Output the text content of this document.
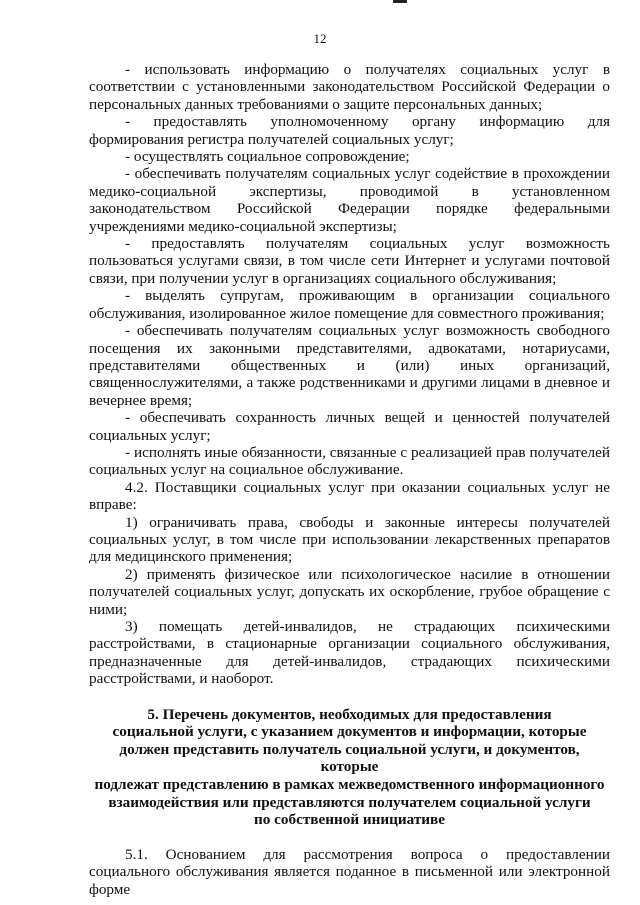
12

- использовать информацию о получателях социальных услуг в соответствии с установленными законодательством Российской Федерации о персональных данных требованиями о защите персональных данных;

- предоставлять уполномоченному органу информацию для формирования регистра получателей социальных услуг;

- осуществлять социальное сопровождение;

- обеспечивать получателям социальных услуг содействие в прохождении медико-социальной экспертизы, проводимой в установленном законодательством Российской Федерации порядке федеральными учреждениями медико-социальной экспертизы;

- предоставлять получателям социальных услуг возможность пользоваться услугами связи, в том числе сети Интернет и услугами почтовой связи, при получении услуг в организациях социального обслуживания;

- выделять супругам, проживающим в организации социального обслуживания, изолированное жилое помещение для совместного проживания;

- обеспечивать получателям социальных услуг возможность свободного посещения их законными представителями, адвокатами, нотариусами, представителями общественных и (или) иных организаций, священнослужителями, а также родственниками и другими лицами в дневное и вечернее время;

- обеспечивать сохранность личных вещей и ценностей получателей социальных услуг;

- исполнять иные обязанности, связанные с реализацией прав получателей социальных услуг на социальное обслуживание.

4.2. Поставщики социальных услуг при оказании социальных услуг не вправе:

1) ограничивать права, свободы и законные интересы получателей социальных услуг, в том числе при использовании лекарственных препаратов для медицинского применения;

2) применять физическое или психологическое насилие в отношении получателей социальных услуг, допускать их оскорбление, грубое обращение с ними;

3) помещать детей-инвалидов, не страдающих психическими расстройствами, в стационарные организации социального обслуживания, предназначенные для детей-инвалидов, страдающих психическими расстройствами, и наоборот.

5. Перечень документов, необходимых для предоставления
социальной услуги, с указанием документов и информации, которые
должен представить получатель социальной услуги, и документов, которые
подлежат представлению в рамках межведомственного информационного
взаимодействия или представляются получателем социальной услуги
по собственной инициативе

5.1. Основанием для рассмотрения вопроса о предоставлении социального обслуживания является поданное в письменной или электронной форме
